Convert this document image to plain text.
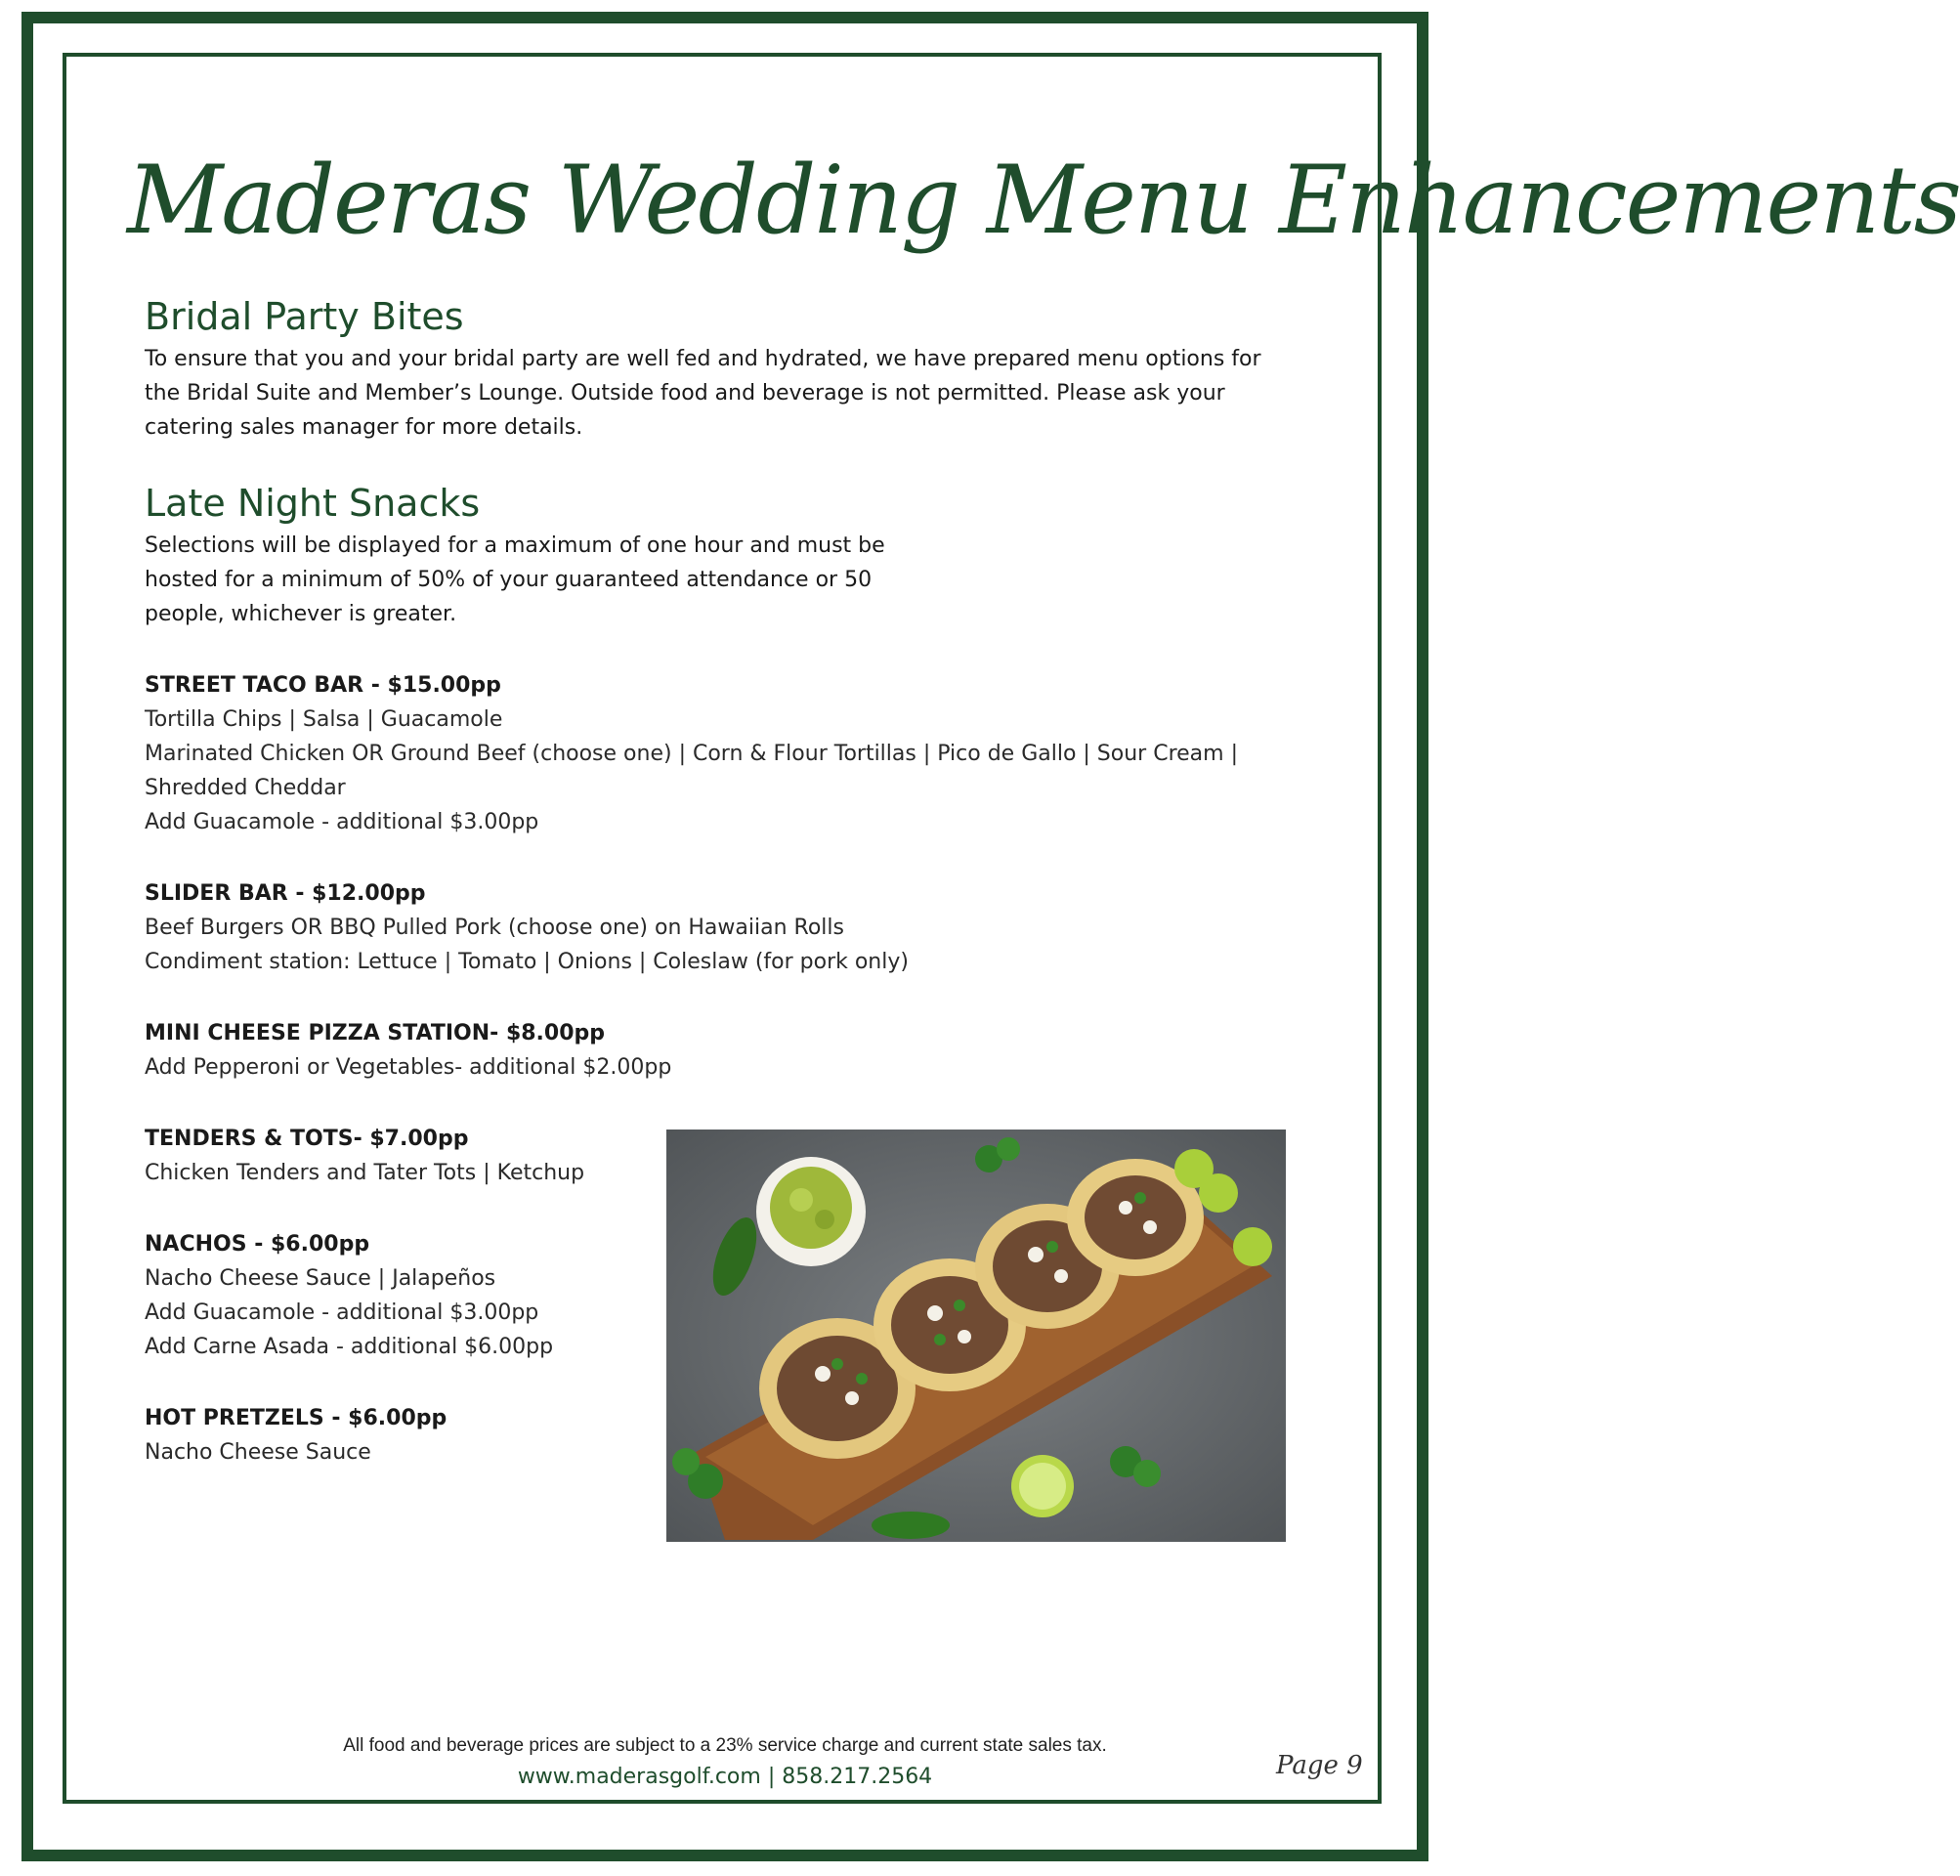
Maderas Wedding Menu Enhancements
Bridal Party Bites

To ensure that you and your bridal party are well fed and hydrated, we have prepared menu options for the Bridal Suite and Member’s Lounge. Outside food and beverage is not permitted. Please ask your catering sales manager for more details.

Late Night Snacks

Selections will be displayed for a maximum of one hour and must be hosted for a minimum of 50% of your guaranteed attendance or 50 people, whichever is greater.

STREET TACO BAR - $15.00pp
Tortilla Chips | Salsa | Guacamole
Marinated Chicken OR Ground Beef (choose one) | Corn & Flour Tortillas | Pico de Gallo | Sour Cream |
Shredded Cheddar
Add Guacamole - additional $3.00pp
SLIDER BAR - $12.00pp
Beef Burgers OR BBQ Pulled Pork (choose one) on Hawaiian Rolls
Condiment station: Lettuce | Tomato | Onions | Coleslaw (for pork only)
MINI CHEESE PIZZA STATION- $8.00pp
Add Pepperoni or Vegetables- additional $2.00pp
TENDERS & TOTS- $7.00pp
Chicken Tenders and Tater Tots | Ketchup
NACHOS - $6.00pp
Nacho Cheese Sauce | Jalapeños
Add Guacamole - additional $3.00pp
Add Carne Asada - additional $6.00pp
HOT PRETZELS - $6.00pp
Nacho Cheese Sauce
All food and beverage prices are subject to a 23% service charge and current state sales tax.
www.maderasgolf.com | 858.217.2564	Page 9
